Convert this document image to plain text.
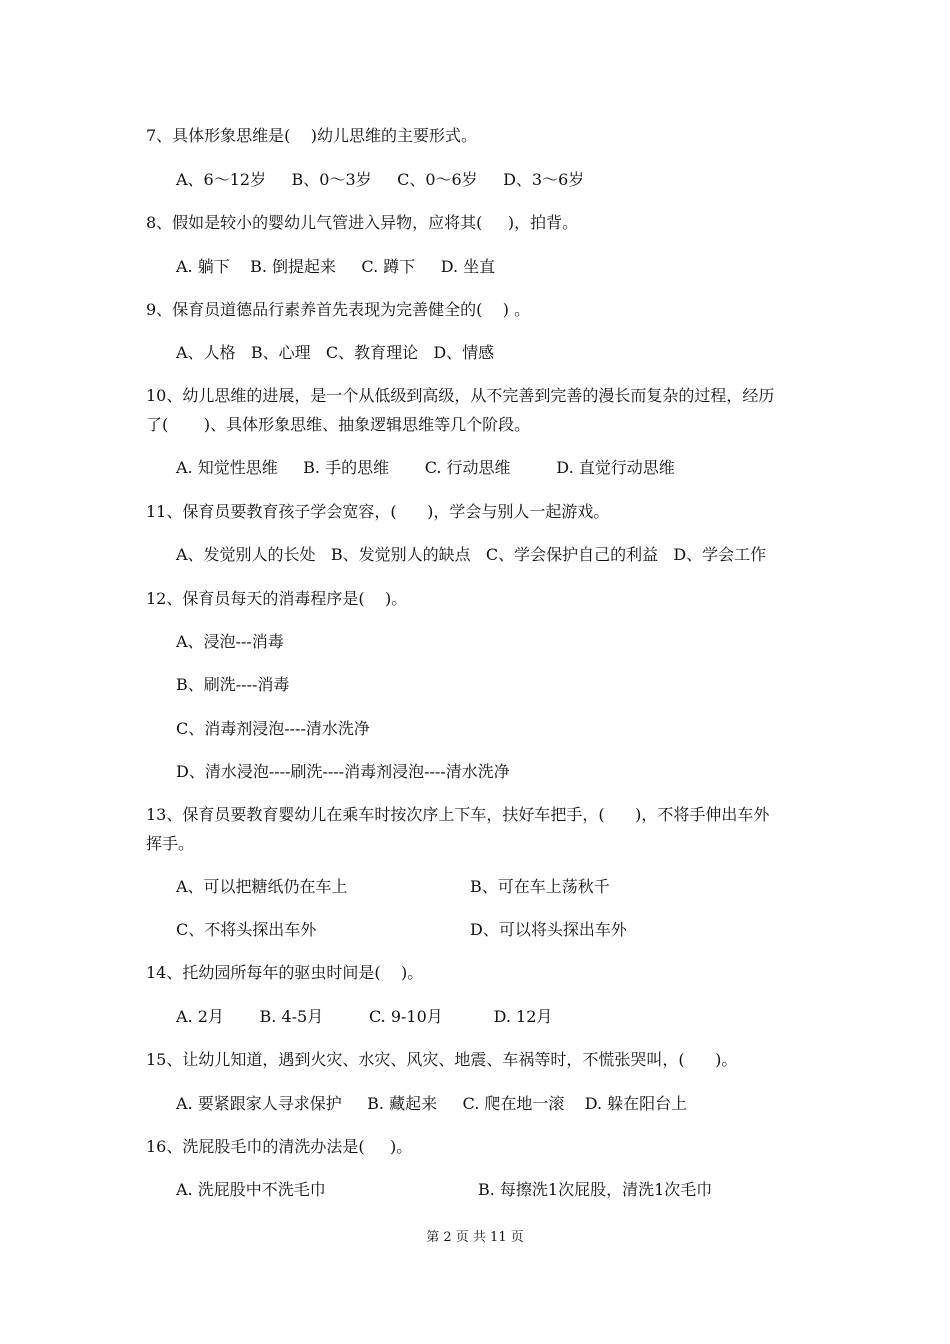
7、具体形象思维是(    )幼儿思维的主要形式。
A、6～12岁     B、0～3岁     C、0～6岁     D、3～6岁
8、假如是较小的婴幼儿气管进入异物，应将其(     )，拍背。
A. 躺下    B. 倒提起来     C. 蹲下     D. 坐直
9、保育员道德品行素养首先表现为完善健全的(    ) 。
A、人格   B、心理   C、教育理论   D、情感
10、幼儿思维的进展，是一个从低级到高级，从不完善到完善的漫长而复杂的过程，经历
了(       )、具体形象思维、抽象逻辑思维等几个阶段。
A. 知觉性思维     B. 手的思维       C. 行动思维         D. 直觉行动思维
11、保育员要教育孩子学会宽容，(      )，学会与别人一起游戏。
A、发觉别人的长处   B、发觉别人的缺点   C、学会保护自己的利益   D、学会工作
12、保育员每天的消毒程序是(    )。
A、浸泡---消毒
B、刷洗----消毒
C、消毒剂浸泡----清水洗净
D、清水浸泡----刷洗----消毒剂浸泡----清水洗净
13、保育员要教育婴幼儿在乘车时按次序上下车，扶好车把手，(      )，不将手伸出车外
挥手。
A、可以把糖纸仍在车上	B、可在车上荡秋千
C、不将头探出车外	D、可以将头探出车外
14、托幼园所每年的驱虫时间是(    )。
A. 2月       B. 4-5月         C. 9-10月          D. 12月
15、让幼儿知道，遇到火灾、水灾、风灾、地震、车祸等时，不慌张哭叫，(      )。
A. 要紧跟家人寻求保护     B. 藏起来     C. 爬在地一滚    D. 躲在阳台上
16、洗屁股毛巾的清洗办法是(     )。
A. 洗屁股中不洗毛巾	B. 每擦洗1次屁股，清洗1次毛巾
第 2 页 共 11 页
